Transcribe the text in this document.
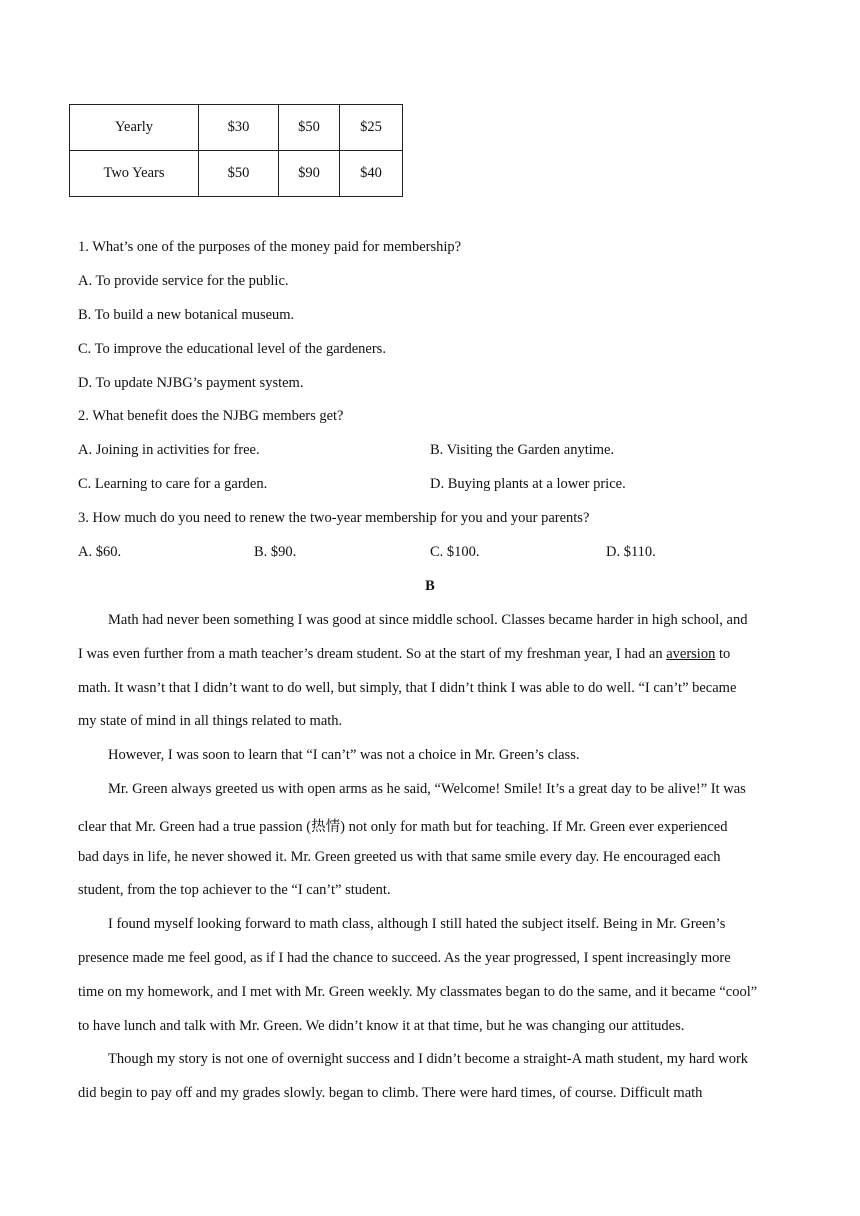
Yearly	$30	$50	$25
Two Years	$50	$90	$40
1. What’s one of the purposes of the money paid for membership?
A. To provide service for the public.
B. To build a new botanical museum.
C. To improve the educational level of the gardeners.
D. To update NJBG’s payment system.
2. What benefit does the NJBG members get?
A. Joining in activities for free.	B. Visiting the Garden anytime.
C. Learning to care for a garden.	D. Buying plants at a lower price.
3. How much do you need to renew the two-year membership for you and your parents?
A. $60.	B. $90.	C. $100.	D. $110.
B
Math had never been something I was good at since middle school. Classes became harder in high school, and
I was even further from a math teacher’s dream student. So at the start of my freshman year, I had an aversion to
math. It wasn’t that I didn’t want to do well, but simply, that I didn’t think I was able to do well. “I can’t” became
my state of mind in all things related to math.
However, I was soon to learn that “I can’t” was not a choice in Mr. Green’s class.
Mr. Green always greeted us with open arms as he said, “Welcome! Smile! It’s a great day to be alive!” It was
clear that Mr. Green had a true passion (热情) not only for math but for teaching. If Mr. Green ever experienced
bad days in life, he never showed it. Mr. Green greeted us with that same smile every day. He encouraged each
student, from the top achiever to the “I can’t” student.
I found myself looking forward to math class, although I still hated the subject itself. Being in Mr. Green’s
presence made me feel good, as if I had the chance to succeed. As the year progressed, I spent increasingly more
time on my homework, and I met with Mr. Green weekly. My classmates began to do the same, and it became “cool”
to have lunch and talk with Mr. Green. We didn’t know it at that time, but he was changing our attitudes.
Though my story is not one of overnight success and I didn’t become a straight-A math student, my hard work
did begin to pay off and my grades slowly. began to climb. There were hard times, of course. Difficult math
